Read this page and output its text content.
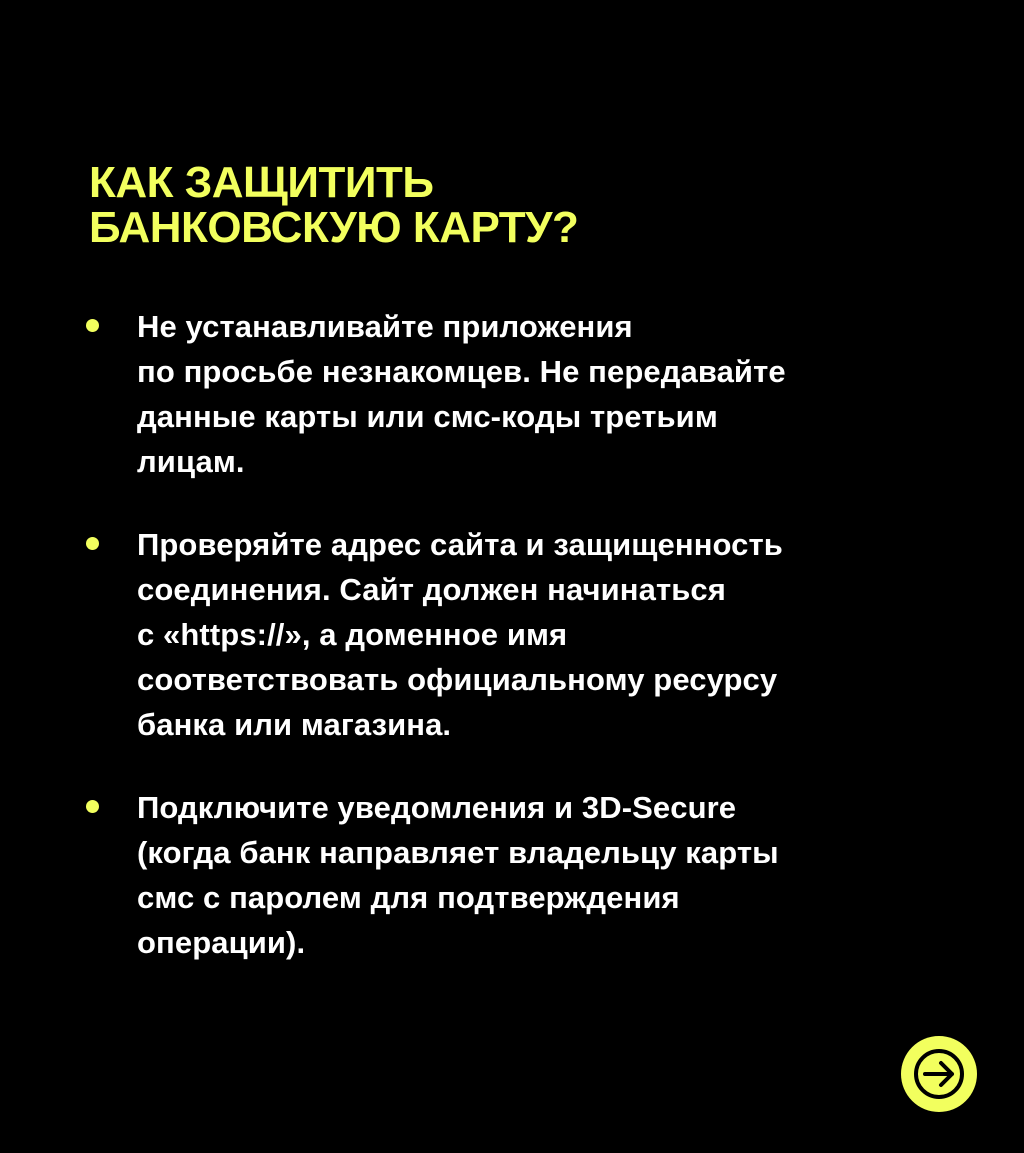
КАК ЗАЩИТИТЬ
БАНКОВСКУЮ КАРТУ?
Не устанавливайте приложения
по просьбе незнакомцев. Не передавайте
данные карты или смс-коды третьим
лицам.
Проверяйте адрес сайта и защищенность
соединения. Сайт должен начинаться
с «https://», а доменное имя
соответствовать официальному ресурсу
банка или магазина.
Подключите уведомления и 3D-Secure
(когда банк направляет владельцу карты
смс с паролем для подтверждения
операции).
